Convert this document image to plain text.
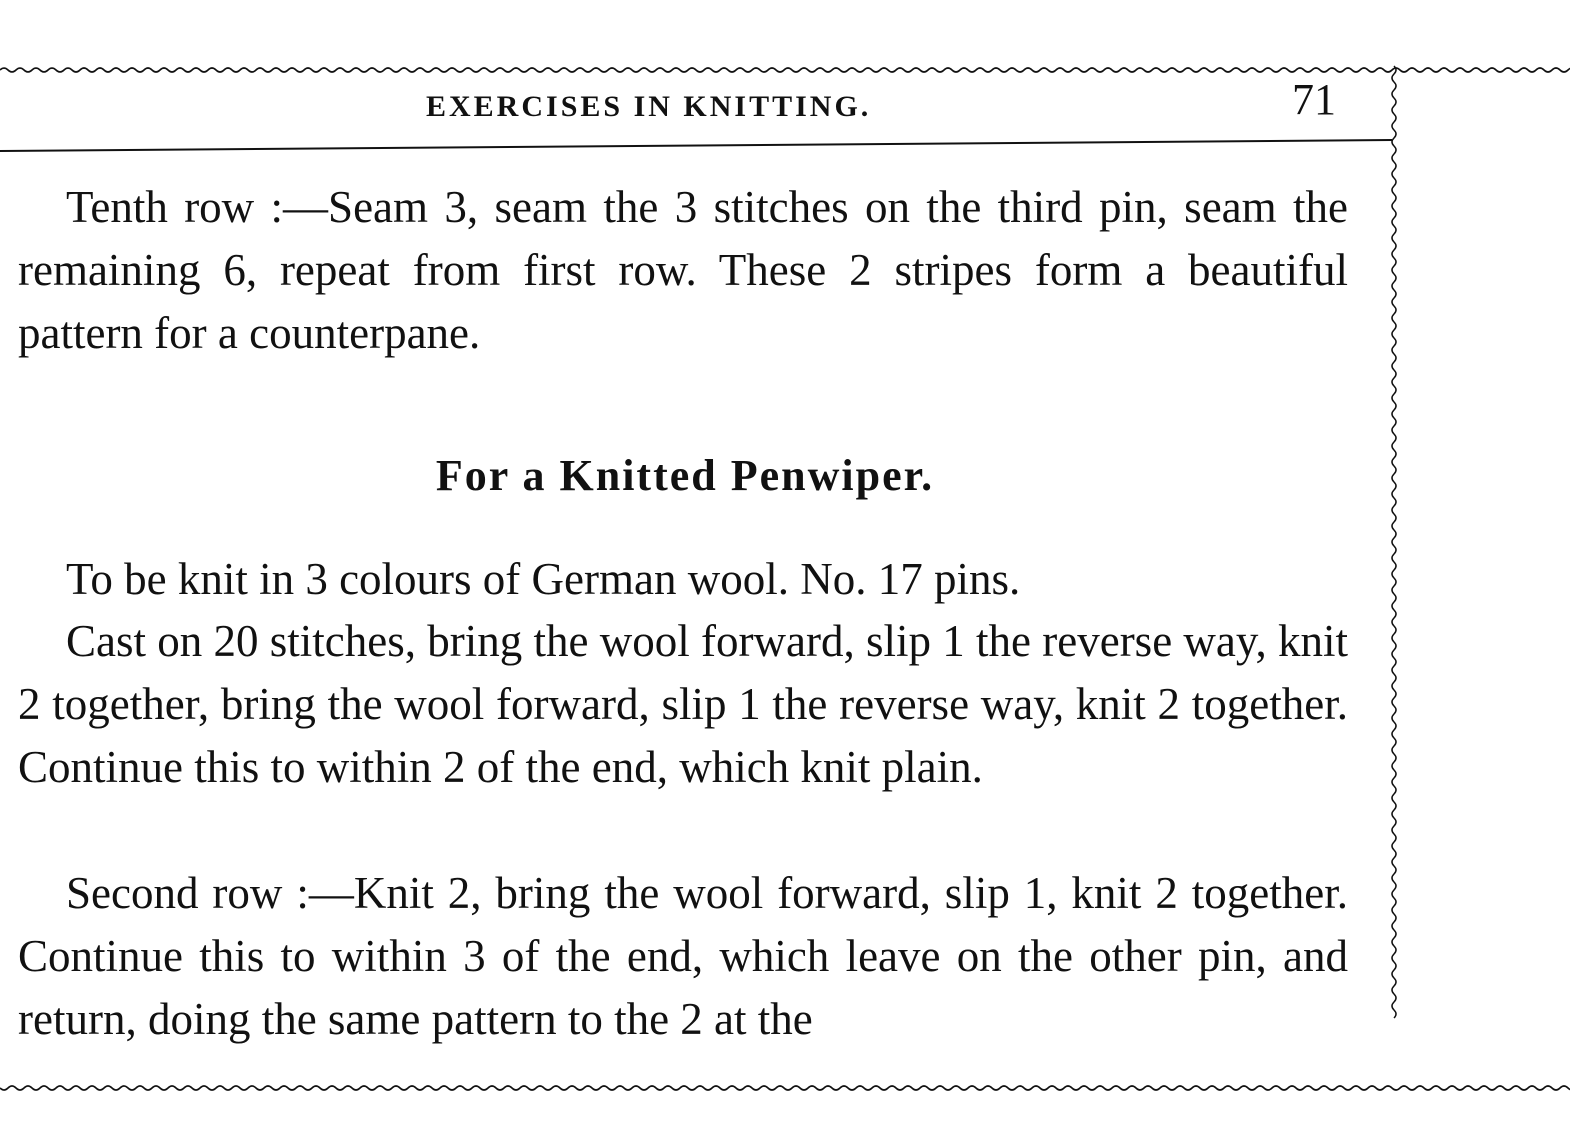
EXERCISES IN KNITTING.	71

Tenth row :—Seam 3, seam the 3 stitches on the third pin, seam the remaining 6, repeat from first row. These 2 stripes form a beautiful pattern for a counterpane.

For a Knitted Penwiper.

To be knit in 3 colours of German wool. No. 17 pins.

Cast on 20 stitches, bring the wool forward, slip 1 the reverse way, knit 2 together, bring the wool forward, slip 1 the reverse way, knit 2 together. Continue this to within 2 of the end, which knit plain.

Second row :—Knit 2, bring the wool forward, slip 1, knit 2 together. Continue this to within 3 of the end, which leave on the other pin, and return, doing the same pattern to the 2 at the
